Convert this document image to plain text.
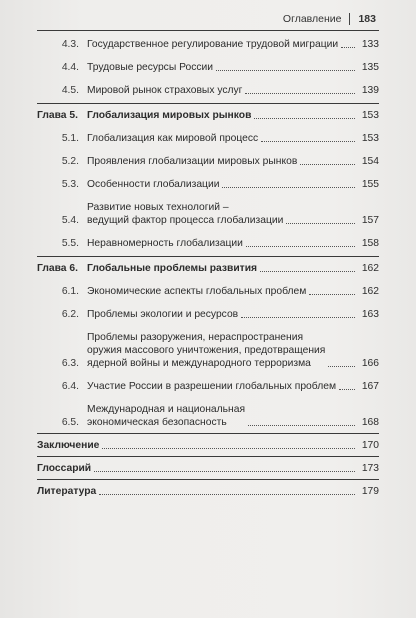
Оглавление 183
4.3. Государственное регулирование трудовой миграции	133
4.4. Трудовые ресурсы России	135
4.5. Мировой рынок страховых услуг	139
Глава 5. Глобализация мировых рынков	153
5.1. Глобализация как мировой процесс	153
5.2. Проявления глобализации мировых рынков	154
5.3. Особенности глобализации	155
5.4.
Развитие новых технологий –
ведущий фактор процесса глобализации	157
5.5. Неравномерность глобализации	158
Глава 6. Глобальные проблемы развития	162
6.1. Экономические аспекты глобальных проблем	162
6.2. Проблемы экологии и ресурсов	163
6.3.
Проблемы разоружения, нераспространения
оружия массового уничтожения, предотвращения
ядерной войны и международного терроризма	166
6.4. Участие России в разрешении глобальных проблем	167
6.5.
Международная и национальная
экономическая безопасность	168
Заключение	170
Глоссарий	173
Литература	179
